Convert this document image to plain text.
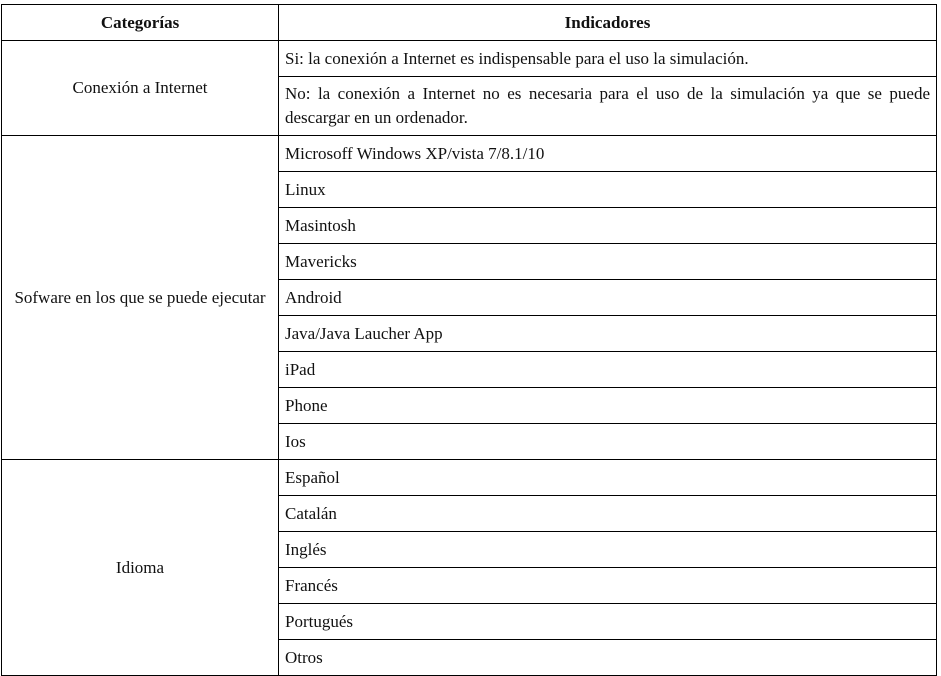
Categorías	Indicadores
Conexión a Internet	Si: la conexión a Internet es indispensable para el uso la simulación.
	No: la conexión a Internet no es necesaria para el uso de la simulación ya que se puede descargar en un ordenador.
Sofware en los que se puede ejecutar	Microsoff Windows XP/vista 7/8.1/10
	Linux
	Masintosh
	Mavericks
	Android
	Java/Java Laucher App
	iPad
	Phone
	Ios
Idioma	Español
	Catalán
	Inglés
	Francés
	Portugués
	Otros
